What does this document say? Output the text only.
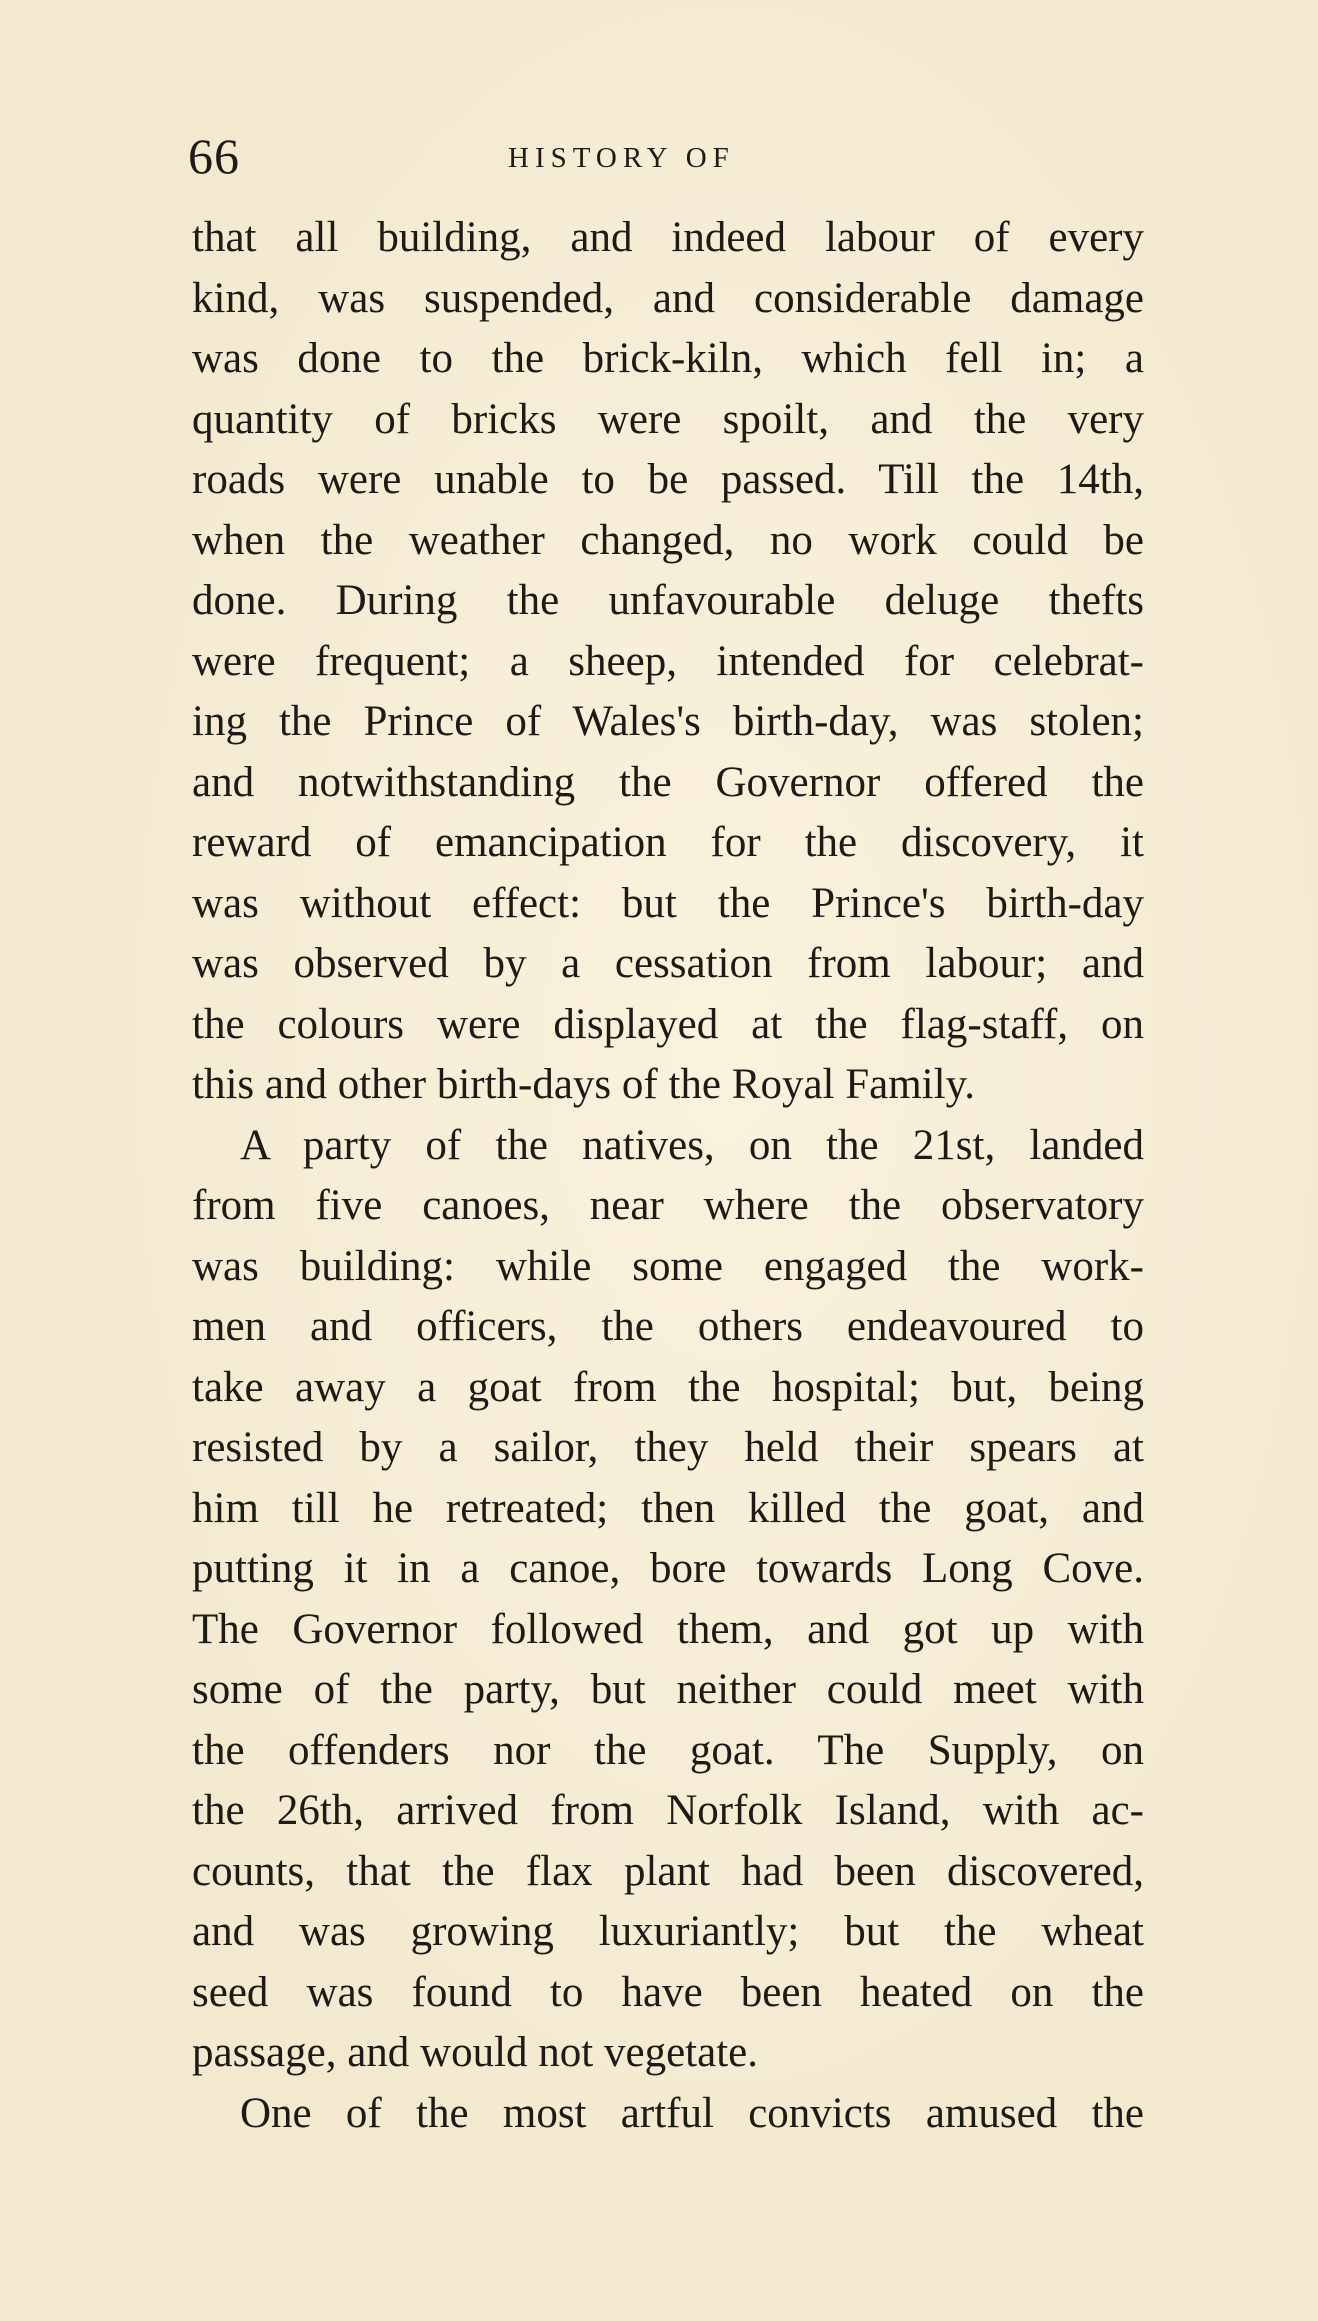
66	HISTORY OF
that all building, and indeed labour of every
kind, was suspended, and considerable damage
was done to the brick-kiln, which fell in; a
quantity of bricks were spoilt, and the very
roads were unable to be passed. Till the 14th,
when the weather changed, no work could be
done. During the unfavourable deluge thefts
were frequent; a sheep, intended for celebrat-
ing the Prince of Wales's birth-day, was stolen;
and notwithstanding the Governor offered the
reward of emancipation for the discovery, it
was without effect: but the Prince's birth-day
was observed by a cessation from labour; and
the colours were displayed at the flag-staff, on
this and other birth-days of the Royal Family.
A party of the natives, on the 21st, landed
from five canoes, near where the observatory
was building: while some engaged the work-
men and officers, the others endeavoured to
take away a goat from the hospital; but, being
resisted by a sailor, they held their spears at
him till he retreated; then killed the goat, and
putting it in a canoe, bore towards Long Cove.
The Governor followed them, and got up with
some of the party, but neither could meet with
the offenders nor the goat. The Supply, on
the 26th, arrived from Norfolk Island, with ac-
counts, that the flax plant had been discovered,
and was growing luxuriantly; but the wheat
seed was found to have been heated on the
passage, and would not vegetate.
One of the most artful convicts amused the
